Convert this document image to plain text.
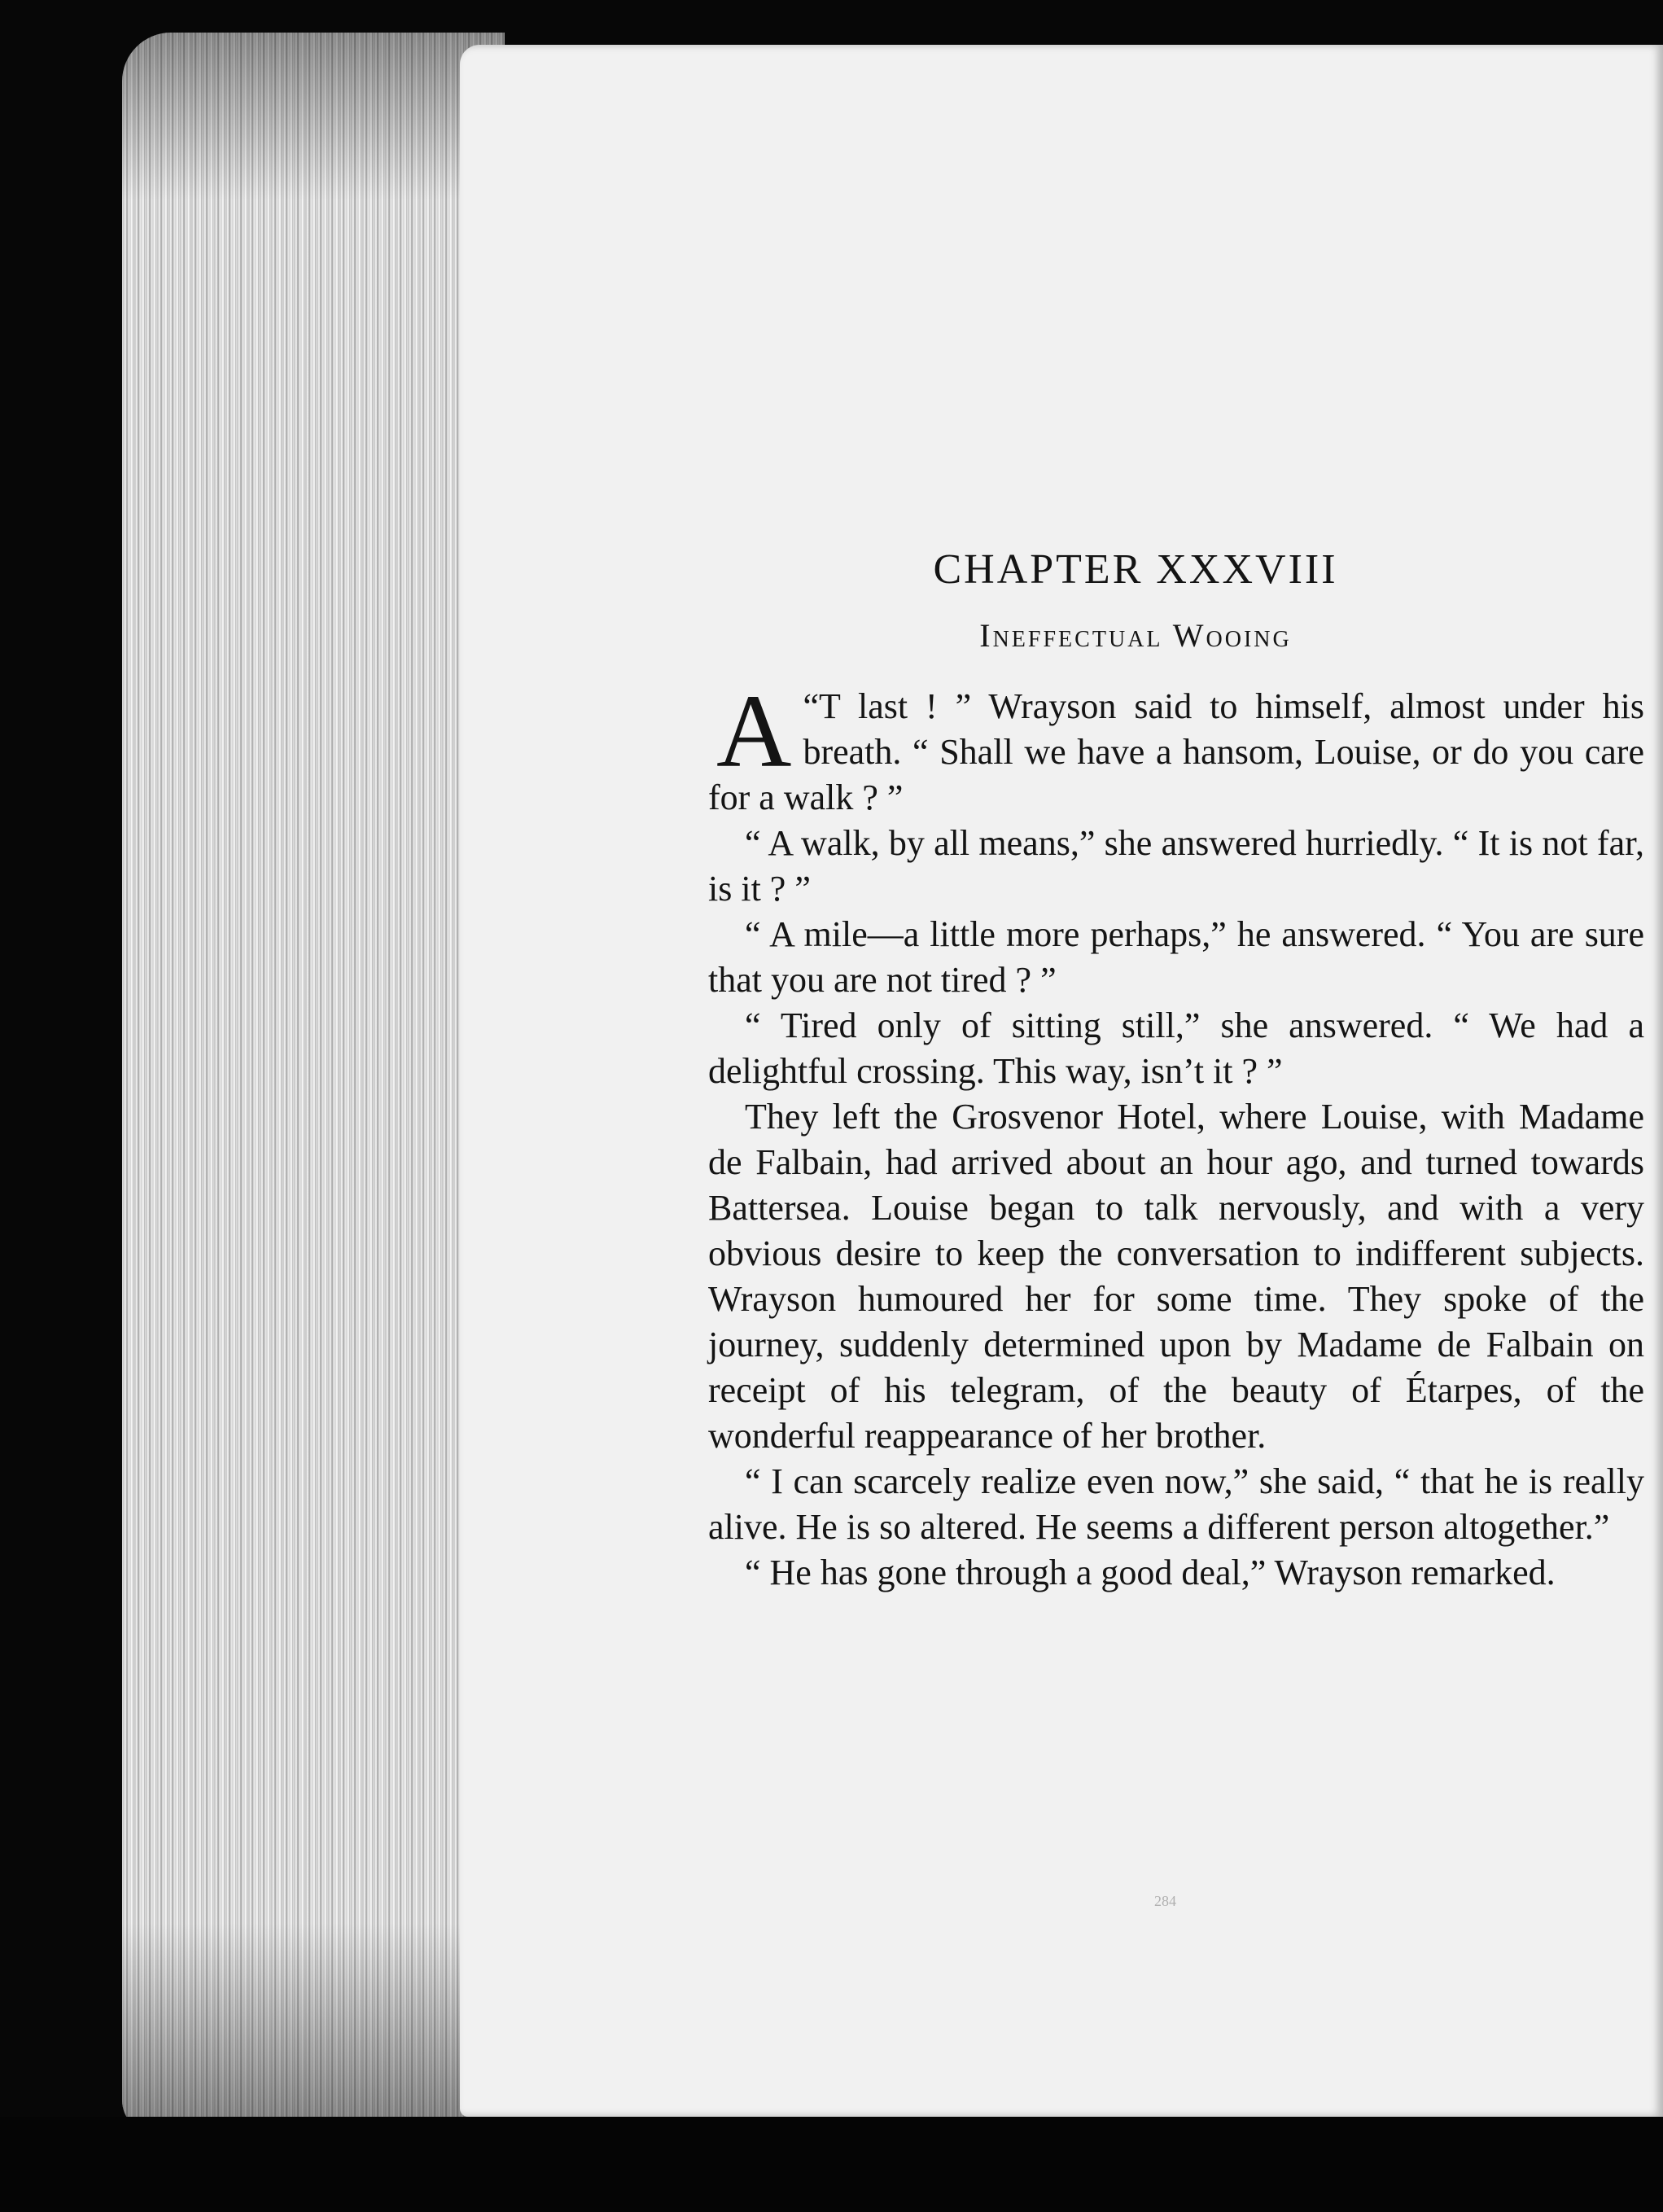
CHAPTER XXXVIII
Ineffectual Wooing

“
A T last ! ” Wrayson said to himself, almost under his breath. “ Shall we have a hansom, Louise, or do you care for a walk ? ”

“ A walk, by all means,” she answered hurriedly. “ It is not far, is it ? ”

“ A mile—a little more perhaps,” he answered. “ You are sure that you are not tired ? ”

“ Tired only of sitting still,” she answered. “ We had a delightful crossing. This way, isn’t it ? ”

They left the Grosvenor Hotel, where Louise, with Madame de Falbain, had arrived about an hour ago, and turned towards Battersea. Louise began to talk nervously, and with a very obvious desire to keep the conversation to indifferent subjects. Wrayson humoured her for some time. They spoke of the journey, suddenly determined upon by Madame de Falbain on receipt of his telegram, of the beauty of Étarpes, of the wonderful reappearance of her brother.

“ I can scarcely realize even now,” she said, “ that he is really alive. He is so altered. He seems a different person altogether.”

“ He has gone through a good deal,” Wrayson remarked.

284
